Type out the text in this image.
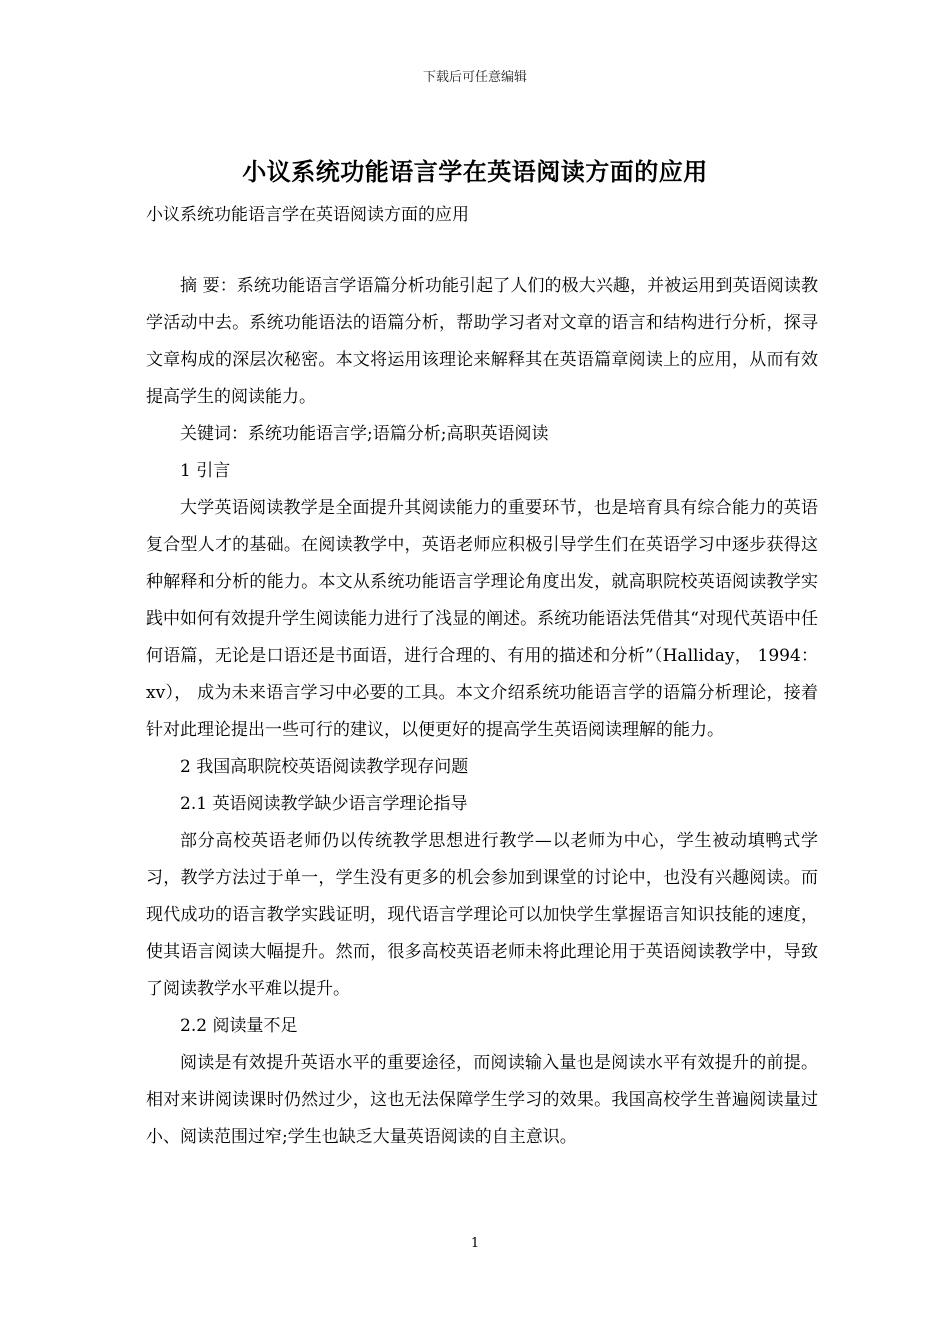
下载后可任意编辑
小议系统功能语言学在英语阅读方面的应用
小议系统功能语言学在英语阅读方面的应用

摘 要：系统功能语言学语篇分析功能引起了人们的极大兴趣，并被运用到英语阅读教学活动中去。系统功能语法的语篇分析，帮助学习者对文章的语言和结构进行分析，探寻文章构成的深层次秘密。本文将运用该理论来解释其在英语篇章阅读上的应用，从而有效提高学生的阅读能力。

关键词：系统功能语言学;语篇分析;高职英语阅读

1 引言

大学英语阅读教学是全面提升其阅读能力的重要环节，也是培育具有综合能力的英语复合型人才的基础。在阅读教学中，英语老师应积极引导学生们在英语学习中逐步获得这种解释和分析的能力。本文从系统功能语言学理论角度出发，就高职院校英语阅读教学实践中如何有效提升学生阅读能力进行了浅显的阐述。系统功能语法凭借其“对现代英语中任何语篇，无论是口语还是书面语，进行合理的、有用的描述和分析”（Halliday， 1994：xv）， 成为未来语言学习中必要的工具。本文介绍系统功能语言学的语篇分析理论，接着针对此理论提出一些可行的建议，以便更好的提高学生英语阅读理解的能力。

2 我国高职院校英语阅读教学现存问题

2.1 英语阅读教学缺少语言学理论指导

部分高校英语老师仍以传统教学思想进行教学—以老师为中心，学生被动填鸭式学习，教学方法过于单一，学生没有更多的机会参加到课堂的讨论中，也没有兴趣阅读。而现代成功的语言教学实践证明，现代语言学理论可以加快学生掌握语言知识技能的速度，使其语言阅读大幅提升。然而，很多高校英语老师未将此理论用于英语阅读教学中，导致了阅读教学水平难以提升。

2.2 阅读量不足

阅读是有效提升英语水平的重要途径，而阅读输入量也是阅读水平有效提升的前提。相对来讲阅读课时仍然过少，这也无法保障学生学习的效果。我国高校学生普遍阅读量过小、阅读范围过窄;学生也缺乏大量英语阅读的自主意识。

1
